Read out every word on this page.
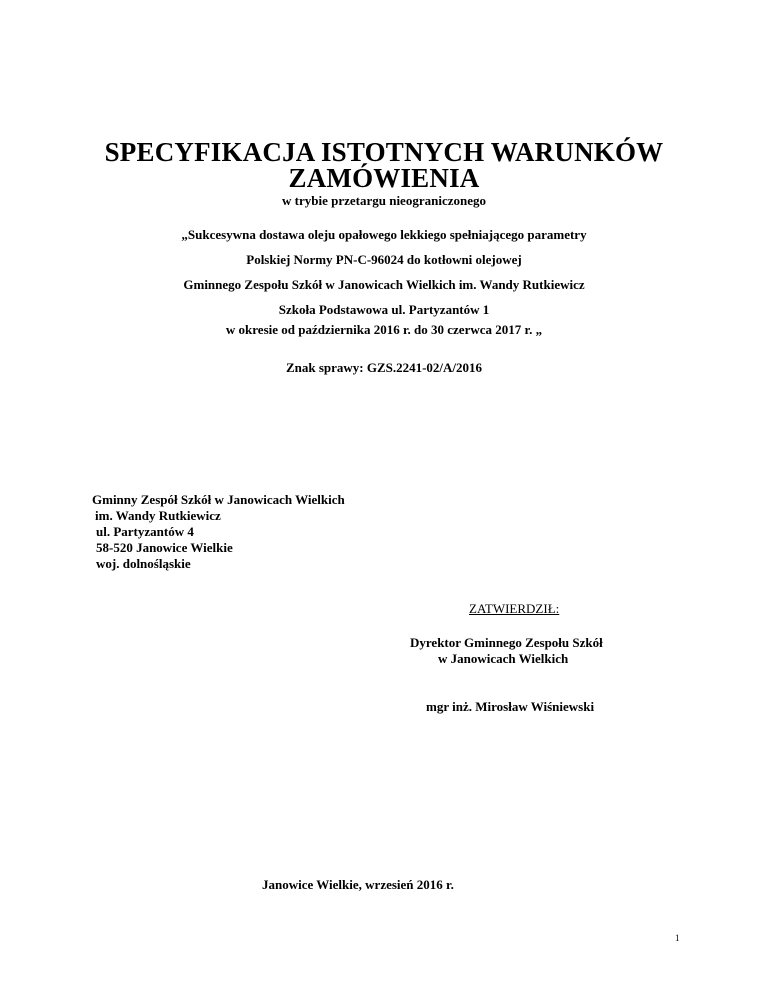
SPECYFIKACJA ISTOTNYCH WARUNKÓW
ZAMÓWIENIA
w trybie przetargu nieograniczonego
„Sukcesywna dostawa oleju opałowego lekkiego spełniającego parametry
Polskiej Normy PN-C-96024 do kotłowni olejowej
Gminnego Zespołu Szkół w Janowicach Wielkich im. Wandy Rutkiewicz
Szkoła Podstawowa ul. Partyzantów 1
w okresie od października 2016 r. do 30 czerwca 2017 r. „
Znak sprawy: GZS.2241-02/A/2016
Gminny Zespół Szkół w Janowicach Wielkich
im. Wandy Rutkiewicz
ul. Partyzantów 4
58-520 Janowice Wielkie
woj. dolnośląskie
ZATWIERDZIŁ:
Dyrektor Gminnego Zespołu Szkół
w Janowicach Wielkich
mgr inż. Mirosław Wiśniewski
Janowice Wielkie, wrzesień 2016 r.
1
